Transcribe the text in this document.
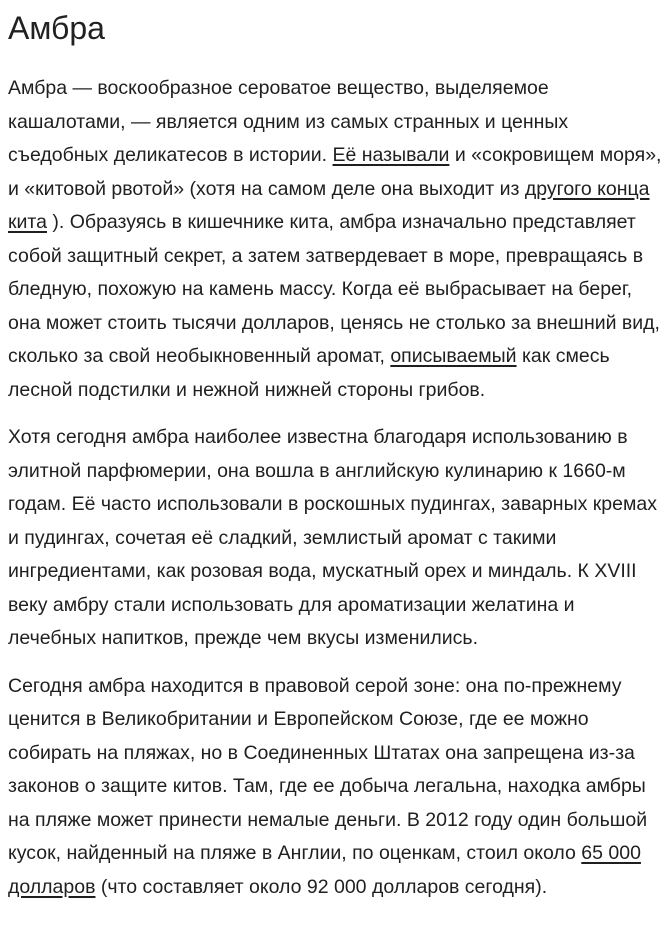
Амбра

Амбра — воскообразное сероватое вещество, выделяемое кашалотами, — является одним из самых странных и ценных съедобных деликатесов в истории. Её называли и «сокровищем моря», и «китовой рвотой» (хотя на самом деле она выходит из другого конца кита ). Образуясь в кишечнике кита, амбра изначально представляет собой защитный секрет, а затем затвердевает в море, превращаясь в бледную, похожую на камень массу. Когда её выбрасывает на берег, она может стоить тысячи долларов, ценясь не столько за внешний вид, сколько за свой необыкновенный аромат, описываемый как смесь лесной подстилки и нежной нижней стороны грибов.

Хотя сегодня амбра наиболее известна благодаря использованию в элитной парфюмерии, она вошла в английскую кулинарию к 1660-м годам. Её часто использовали в роскошных пудингах, заварных кремах и пудингах, сочетая её сладкий, землистый аромат с такими ингредиентами, как розовая вода, мускатный орех и миндаль. К XVIII веку амбру стали использовать для ароматизации желатина и лечебных напитков, прежде чем вкусы изменились.

Сегодня амбра находится в правовой серой зоне: она по-прежнему ценится в Великобритании и Европейском Союзе, где ее можно собирать на пляжах, но в Соединенных Штатах она запрещена из-за законов о защите китов. Там, где ее добыча легальна, находка амбры на пляже может принести немалые деньги. В 2012 году один большой кусок, найденный на пляже в Англии, по оценкам, стоил около 65 000 долларов (что составляет около 92 000 долларов сегодня).
